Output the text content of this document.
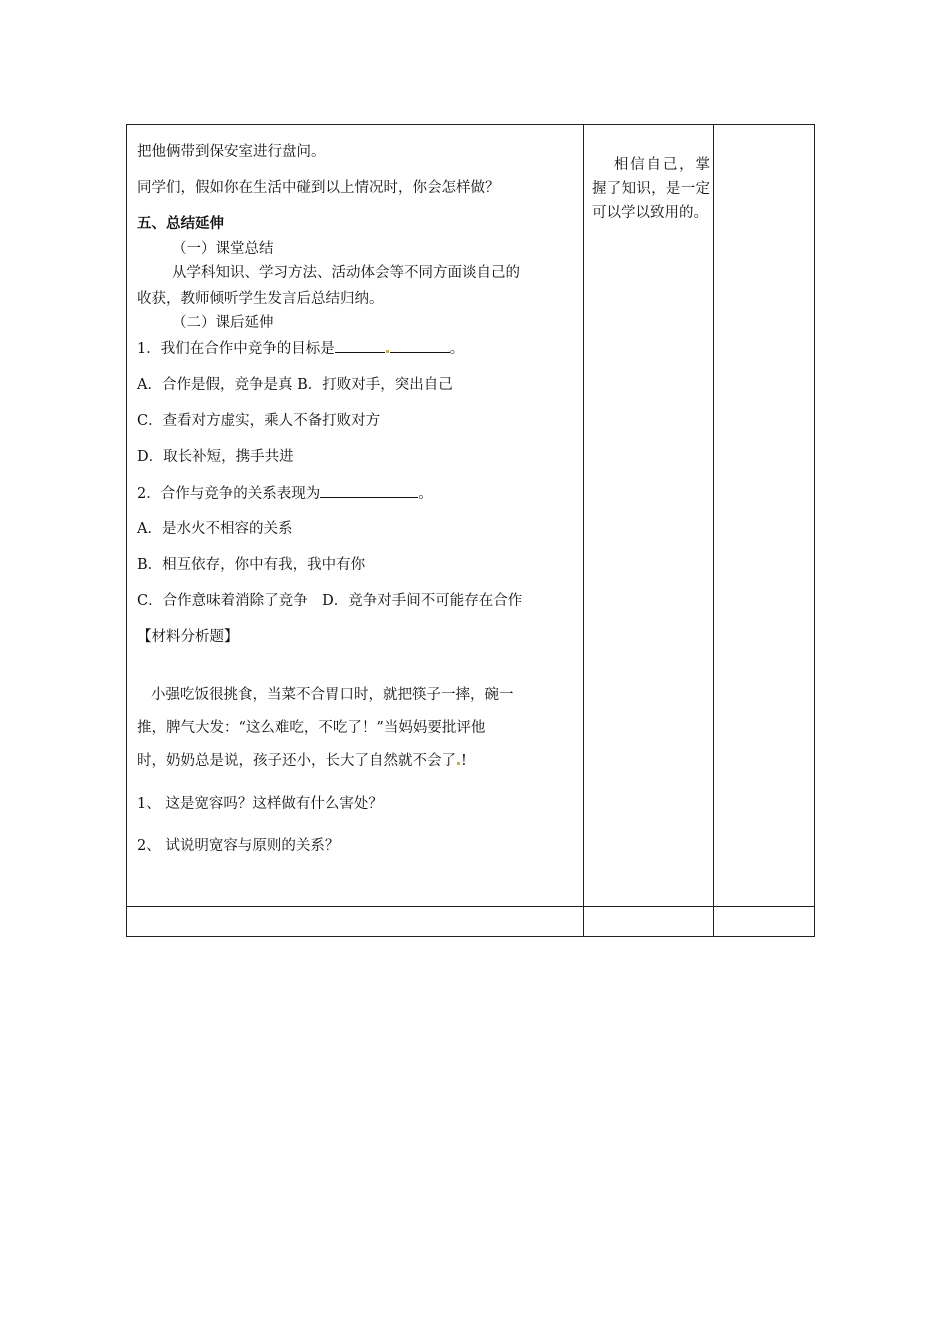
把他俩带到保安室进行盘问。
同学们，假如你在生活中碰到以上情况时，你会怎样做？
五、总结延伸
（一）课堂总结
从学科知识、学习方法、活动体会等不同方面谈自己的
收获，教师倾听学生发言后总结归纳。
（二）课后延伸
1．我们在合作中竞争的目标是	。
A．合作是假，竞争是真 B．打败对手，突出自己
C．查看对方虚实，乘人不备打败对方
D．取长补短，携手共进
2．合作与竞争的关系表现为	。
A．是水火不相容的关系
B．相互依存，你中有我，我中有你
C．合作意味着消除了竞争　D．竞争对手间不可能存在合作
【材料分析题】
小强吃饭很挑食，当菜不合胃口时，就把筷子一摔，碗一
推，脾气大发：“这么难吃，不吃了！”当妈妈要批评他
时，奶奶总是说，孩子还小，长大了自然就不会了 !
1、 这是宽容吗？这样做有什么害处？
2、 试说明宽容与原则的关系？
相信自己，掌握了知识，是一定可以学以致用的。
